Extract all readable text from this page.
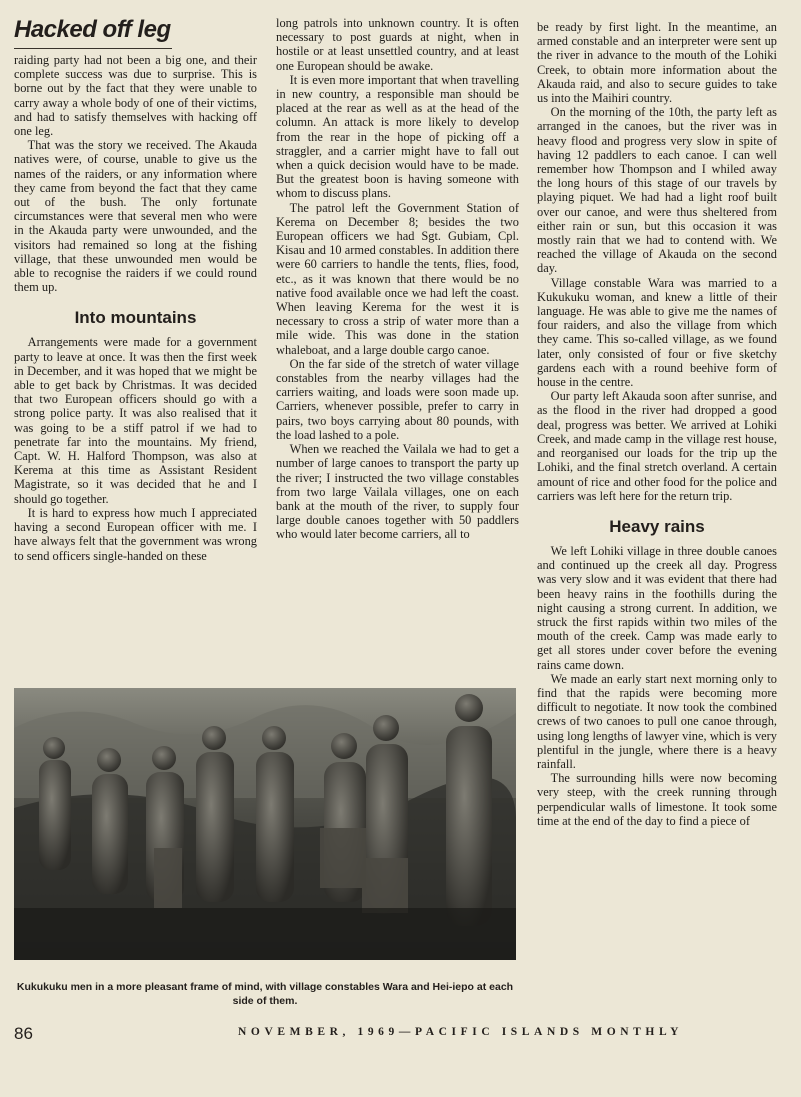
Hacked off leg

raiding party had not been a big one, and their complete success was due to surprise. This is borne out by the fact that they were unable to carry away a whole body of one of their victims, and had to satisfy themselves with hacking off one leg.

That was the story we received. The Akauda natives were, of course, unable to give us the names of the raiders, or any information where they came from beyond the fact that they came out of the bush. The only fortunate circumstances were that several men who were in the Akauda party were unwounded, and the visitors had remained so long at the fishing village, that these unwounded men would be able to recognise the raiders if we could round them up.

Into mountains

Arrangements were made for a government party to leave at once. It was then the first week in December, and it was hoped that we might be able to get back by Christmas. It was decided that two European officers should go with a strong police party. It was also realised that it was going to be a stiff patrol if we had to penetrate far into the mountains. My friend, Capt. W. H. Halford Thompson, was also at Kerema at this time as Assistant Resident Magistrate, so it was decided that he and I should go together.

It is hard to express how much I appreciated having a second European officer with me. I have always felt that the government was wrong to send officers single-handed on these

long patrols into unknown country. It is often necessary to post guards at night, when in hostile or at least unsettled country, and at least one European should be awake.

It is even more important that when travelling in new country, a responsible man should be placed at the rear as well as at the head of the column. An attack is more likely to develop from the rear in the hope of picking off a straggler, and a carrier might have to fall out when a quick decision would have to be made. But the greatest boon is having someone with whom to discuss plans.

The patrol left the Government Station of Kerema on December 8; besides the two European officers we had Sgt. Gubiam, Cpl. Kisau and 10 armed constables. In addition there were 60 carriers to handle the tents, flies, food, etc., as it was known that there would be no native food available once we had left the coast. When leaving Kerema for the west it is necessary to cross a strip of water more than a mile wide. This was done in the station whaleboat, and a large double cargo canoe.

On the far side of the stretch of water village constables from the nearby villages had the carriers waiting, and loads were soon made up. Carriers, whenever possible, prefer to carry in pairs, two boys carrying about 80 pounds, with the load lashed to a pole.

When we reached the Vailala we had to get a number of large canoes to transport the party up the river; I instructed the two village constables from two large Vailala villages, one on each bank at the mouth of the river, to supply four large double canoes together with 50 paddlers who would later become carriers, all to

be ready by first light. In the meantime, an armed constable and an interpreter were sent up the river in advance to the mouth of the Lohiki Creek, to obtain more information about the Akauda raid, and also to secure guides to take us into the Maihiri country.

On the morning of the 10th, the party left as arranged in the canoes, but the river was in heavy flood and progress very slow in spite of having 12 paddlers to each canoe. I can well remember how Thompson and I whiled away the long hours of this stage of our travels by playing piquet. We had had a light roof built over our canoe, and were thus sheltered from either rain or sun, but this occasion it was mostly rain that we had to contend with. We reached the village of Akauda on the second day.

Village constable Wara was married to a Kukukuku woman, and knew a little of their language. He was able to give me the names of four raiders, and also the village from which they came. This so-called village, as we found later, only consisted of four or five sketchy gardens each with a round beehive form of house in the centre.

Our party left Akauda soon after sunrise, and as the flood in the river had dropped a good deal, progress was better. We arrived at Lohiki Creek, and made camp in the village rest house, and reorganised our loads for the trip up the Lohiki, and the final stretch overland. A certain amount of rice and other food for the police and carriers was left here for the return trip.

Heavy rains

We left Lohiki village in three double canoes and continued up the creek all day. Progress was very slow and it was evident that there had been heavy rains in the foothills during the night causing a strong current. In addition, we struck the first rapids within two miles of the mouth of the creek. Camp was made early to get all stores under cover before the evening rains came down.

We made an early start next morning only to find that the rapids were becoming more difficult to negotiate. It now took the combined crews of two canoes to pull one canoe through, using long lengths of lawyer vine, which is very plentiful in the jungle, where there is a heavy rainfall.

The surrounding hills were now becoming very steep, with the creek running through perpendicular walls of limestone. It took some time at the end of the day to find a piece of

Kukukuku men in a more pleasant frame of mind, with village constables Wara and Hei-iepo at each side of them.
86	NOVEMBER, 1969—PACIFIC ISLANDS MONTHLY
